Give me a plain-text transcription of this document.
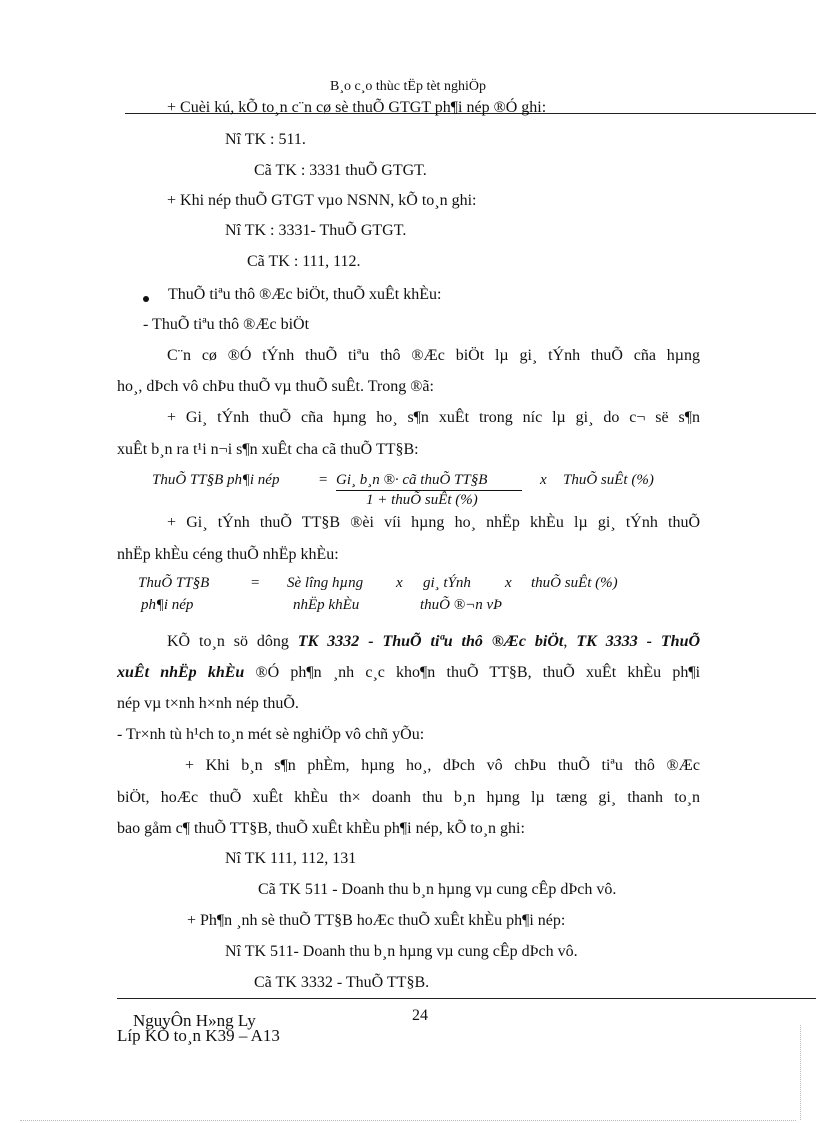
B¸o c¸o thùc tËp tèt nghiÖp
+ Cuèi kú, kÕ to¸n c¨n cø sè thuÕ GTGT ph¶i nép ®Ó ghi:
Nî TK : 511.
Cã TK : 3331 thuÕ GTGT.
+ Khi nép thuÕ GTGT vµo NSNN, kÕ to¸n ghi:
Nî TK : 3331- ThuÕ GTGT.
Cã TK : 111, 112.
ThuÕ tiªu thô ®Æc biÖt, thuÕ xuÊt khÈu:
- ThuÕ tiªu thô ®Æc biÖt
C¨n cø ®Ó tÝnh thuÕ tiªu thô ®Æc biÖt lµ gi¸ tÝnh thuÕ cña hµng
ho¸, dÞch vô chÞu thuÕ vµ thuÕ suÊt. Trong ®ã:
+ Gi¸ tÝnh thuÕ cña hµng ho¸ s¶n xuÊt trong níc lµ gi¸ do c¬ së s¶n
xuÊt b¸n ra t¹i n¬i s¶n xuÊt cha cã thuÕ TT§B:
ThuÕ TT§B ph¶i nép	= Gi¸ b¸n ®· cã thuÕ TT§B
1 + thuÕ suÊt (%)
x ThuÕ suÊt (%)
+ Gi¸ tÝnh thuÕ TT§B ®èi víi hµng ho¸ nhËp khÈu lµ gi¸ tÝnh thuÕ
nhËp khÈu céng thuÕ nhËp khÈu:
ThuÕ TT§B
ph¶i nép
= Sè lîng hµng
nhËp khÈu
x gi¸ tÝnh
thuÕ ®¬n vÞ
x thuÕ suÊt (%)
KÕ to¸n sö dông TK 3332 - ThuÕ tiªu thô ®Æc biÖt, TK 3333 - ThuÕ
xuÊt nhËp khÈu ®Ó ph¶n ¸nh c¸c kho¶n thuÕ TT§B, thuÕ xuÊt khÈu ph¶i
nép vµ t×nh h×nh nép thuÕ.
- Tr×nh tù h¹ch to¸n mét sè nghiÖp vô chñ yÕu:
+ Khi b¸n s¶n phÈm, hµng ho¸, dÞch vô chÞu thuÕ tiªu thô ®Æc
biÖt, hoÆc thuÕ xuÊt khÈu th× doanh thu b¸n hµng lµ tæng gi¸ thanh to¸n
bao gåm c¶ thuÕ TT§B, thuÕ xuÊt khÈu ph¶i nép, kÕ to¸n ghi:
Nî TK 111, 112, 131
Cã TK 511 - Doanh thu b¸n hµng vµ cung cÊp dÞch vô.
+ Ph¶n ¸nh sè thuÕ TT§B hoÆc thuÕ xuÊt khÈu ph¶i nép:
Nî TK 511- Doanh thu b¸n hµng vµ cung cÊp dÞch vô.
Cã TK 3332 - ThuÕ TT§B.
24
NguyÔn H»ng Ly
Líp KÕ to¸n K39 – A13
